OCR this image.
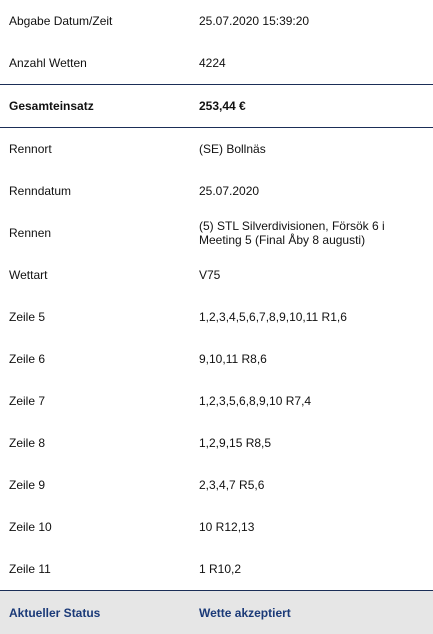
Abgabe Datum/Zeit	25.07.2020 15:39:20
Anzahl Wetten	4224
Gesamteinsatz	253,44 €
Rennort	(SE) Bollnäs
Renndatum	25.07.2020
Rennen	(5) STL Silverdivisionen, Försök 6 i Meeting 5 (Final Åby 8 augusti)
Wettart	V75
Zeile 5	1,2,3,4,5,6,7,8,9,10,11 R1,6
Zeile 6	9,10,11 R8,6
Zeile 7	1,2,3,5,6,8,9,10 R7,4
Zeile 8	1,2,9,15 R8,5
Zeile 9	2,3,4,7 R5,6
Zeile 10	10 R12,13
Zeile 11	1 R10,2
Aktueller Status	Wette akzeptiert
